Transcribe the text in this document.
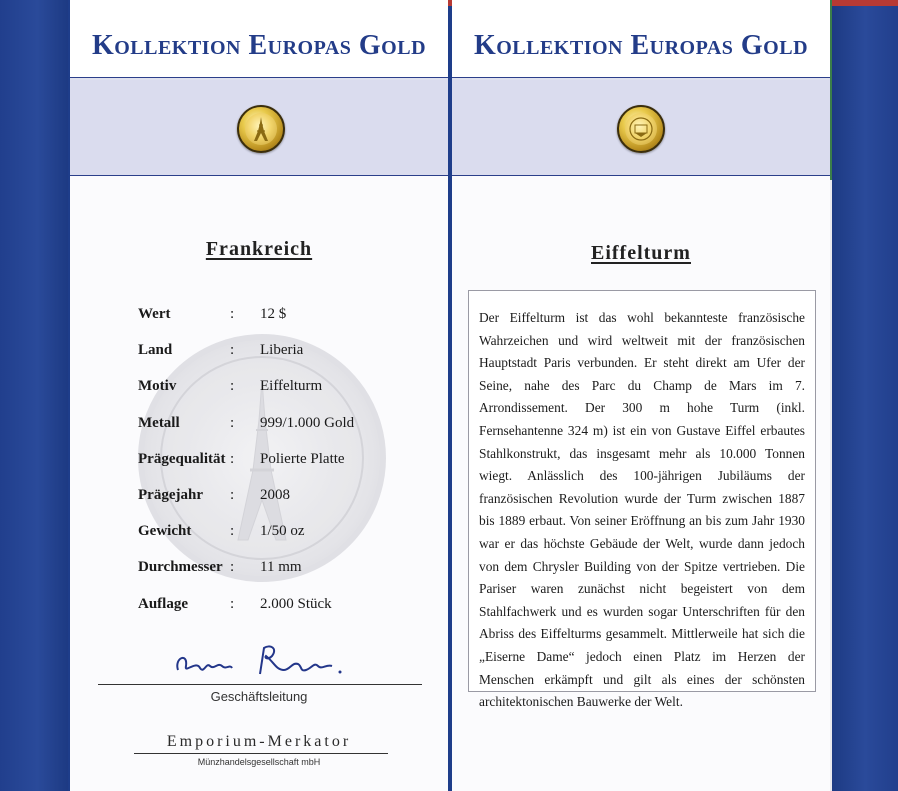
Kollektion Europas Gold
Frankreich
Wert	: 12 $
Land	: Liberia
Motiv	: Eiffelturm
Metall	: 999/1.000 Gold
Prägequalität : Polierte Platte
Prägejahr : 2008
Gewicht	: 1/50 oz
Durchmesser : 11 mm
Auflage	: 2.000 Stück
Geschäftsleitung
Emporium-Merkator
Münzhandelsgesellschaft mbH
Kollektion Europas Gold
Eiffelturm
Der Eiffelturm ist das wohl bekannteste französische Wahrzeichen und wird weltweit mit der französischen Hauptstadt Paris verbunden. Er steht direkt am Ufer der Seine, nahe des Parc du Champ de Mars im 7. Arrondissement. Der 300 m hohe Turm (inkl. Fernsehantenne 324 m) ist ein von Gustave Eiffel erbautes Stahlkonstrukt, das insgesamt mehr als 10.000 Tonnen wiegt. Anlässlich des 100-jährigen Jubiläums der französischen Revolution wurde der Turm zwischen 1887 bis 1889 erbaut. Von seiner Eröffnung an bis zum Jahr 1930 war er das höchste Gebäude der Welt, wurde dann jedoch von dem Chrysler Building von der Spitze vertrieben. Die Pariser waren zunächst nicht begeistert von dem Stahlfachwerk und es wurden sogar Unterschriften für den Abriss des Eiffelturms gesammelt. Mittlerweile hat sich die „Eiserne Dame“ jedoch einen Platz im Herzen der Menschen erkämpft und gilt als eines der schönsten architektonischen Bauwerke der Welt.
